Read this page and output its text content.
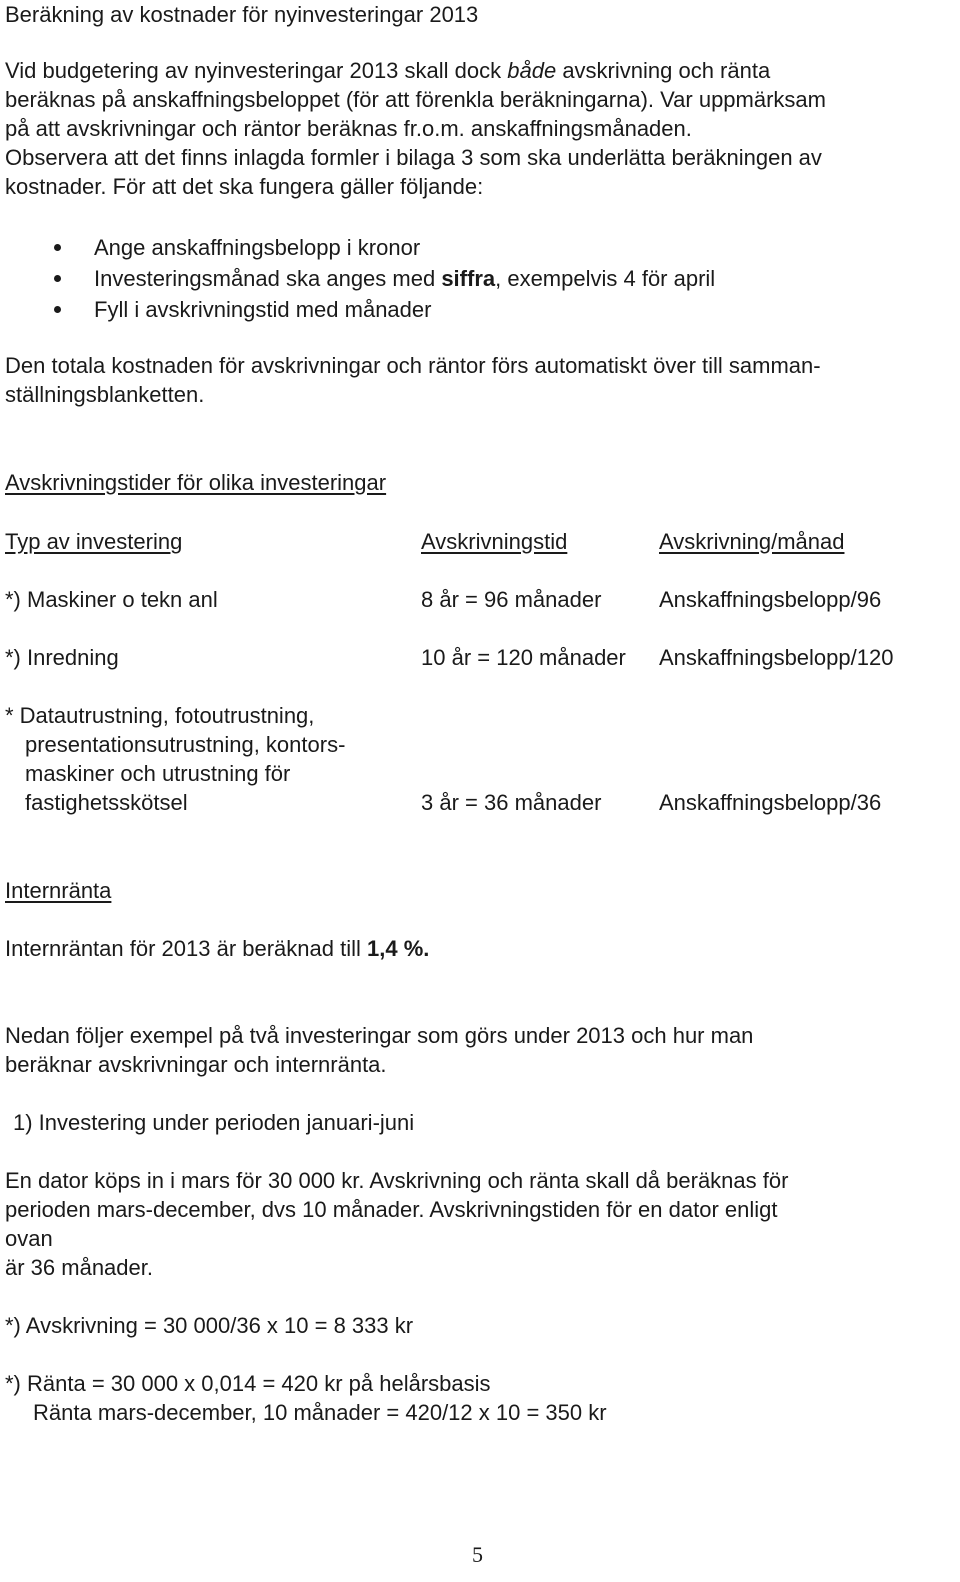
Beräkning av kostnader för nyinvesteringar 2013
Vid budgetering av nyinvesteringar 2013 skall dock både avskrivning och ränta
beräknas på anskaffningsbeloppet (för att förenkla beräkningarna). Var uppmärksam
på att avskrivningar och räntor beräknas fr.o.m. anskaffningsmånaden.
Observera att det finns inlagda formler i bilaga 3 som ska underlätta beräkningen av
kostnader. För att det ska fungera gäller följande:
Ange anskaffningsbelopp i kronor
Investeringsmånad ska anges med siffra, exempelvis 4 för april
Fyll i avskrivningstid med månader
Den totala kostnaden för avskrivningar och räntor förs automatiskt över till samman-
ställningsblanketten.
Avskrivningstider för olika investeringar
Typ av investering	Avskrivningstid	Avskrivning/månad
*) Maskiner o tekn anl	8 år = 96 månader	Anskaffningsbelopp/96
*) Inredning	10 år = 120 månader Anskaffningsbelopp/120
* Datautrustning, fotoutrustning,
presentationsutrustning, kontors-
maskiner och utrustning för
fastighetsskötsel	3 år = 36 månader	Anskaffningsbelopp/36
Internränta
Internräntan för 2013 är beräknad till 1,4 %.
Nedan följer exempel på två investeringar som görs under 2013 och hur man
beräknar avskrivningar och internränta.
1) Investering under perioden januari-juni
En dator köps in i mars för 30 000 kr. Avskrivning och ränta skall då beräknas för
perioden mars-december, dvs 10 månader. Avskrivningstiden för en dator enligt
ovan
är 36 månader.
*) Avskrivning = 30 000/36 x 10 = 8 333 kr
*) Ränta = 30 000 x 0,014 = 420 kr på helårsbasis
Ränta mars-december, 10 månader = 420/12 x 10 = 350 kr
5
